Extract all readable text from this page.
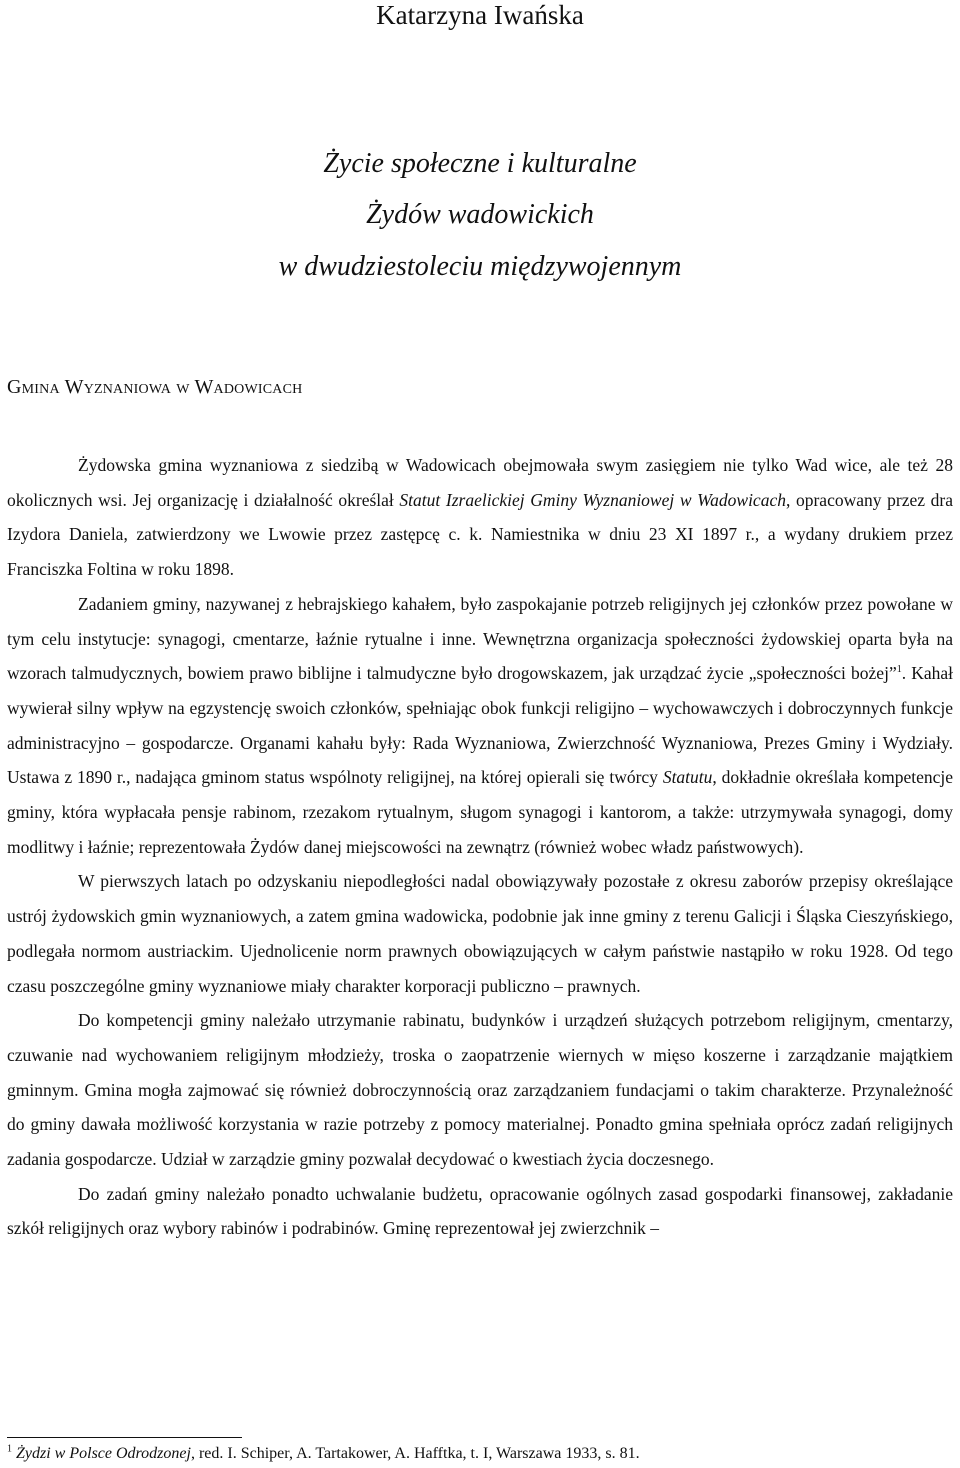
Katarzyna Iwańska
Życie społeczne i kulturalne
Żydów wadowickich
w dwudziestoleciu międzywojennym
Gmina Wyznaniowa w Wadowicach

Żydowska gmina wyznaniowa z siedzibą w Wadowicach obejmowała swym zasięgiem nie tylko Wad wice, ale też 28 okolicznych wsi. Jej organizację i działalność określał Statut Izraelickiej Gminy Wyznaniowej w Wadowicach, opracowany przez dra Izydora Daniela, zatwierdzony we Lwowie przez zastępcę c. k. Namiestnika w dniu 23 XI 1897 r., a wydany drukiem przez Franciszka Foltina w roku 1898.

Zadaniem gminy, nazywanej z hebrajskiego kahałem, było zaspokajanie potrzeb religijnych jej członków przez powołane w tym celu instytucje: synagogi, cmentarze, łaźnie rytualne i inne. Wewnętrzna organizacja społeczności żydowskiej oparta była na wzorach talmudycznych, bowiem prawo biblijne i talmudyczne było drogowskazem, jak urządzać życie „społeczności bożej”$^1$. Kahał wywierał silny wpływ na egzystencję swoich członków, spełniając obok funkcji religijno – wychowawczych i dobroczynnych funkcje administracyjno – gospodarcze. Organami kahału były: Rada Wyznaniowa, Zwierzchność Wyznaniowa, Prezes Gminy i Wydziały. Ustawa z 1890 r., nadająca gminom status wspólnoty religijnej, na której opierali się twórcy Statutu, dokładnie określała kompetencje gminy, która wypłacała pensje rabinom, rzezakom rytualnym, sługom synagogi i kantorom, a także: utrzymywała synagogi, domy modlitwy i łaźnie; reprezentowała Żydów danej miejscowości na zewnątrz (również wobec władz państwowych).

W pierwszych latach po odzyskaniu niepodległości nadal obowiązywały pozostałe z okresu zaborów przepisy określające ustrój żydowskich gmin wyznaniowych, a zatem gmina wadowicka, podobnie jak inne gminy z terenu Galicji i Śląska Cieszyńskiego, podlegała normom austriackim. Ujednolicenie norm prawnych obowiązujących w całym państwie nastąpiło w roku 1928. Od tego czasu poszczególne gminy wyznaniowe miały charakter korporacji publiczno – prawnych.

Do kompetencji gminy należało utrzymanie rabinatu, budynków i urządzeń służących potrzebom religijnym, cmentarzy, czuwanie nad wychowaniem religijnym młodzieży, troska o zaopatrzenie wiernych w mięso koszerne i zarządzanie majątkiem gminnym. Gmina mogła zajmować się również dobroczynnością oraz zarządzaniem fundacjami o takim charakterze. Przynależność do gminy dawała możliwość korzystania w razie potrzeby z pomocy materialnej. Ponadto gmina spełniała oprócz zadań religijnych zadania gospodarcze. Udział w zarządzie gminy pozwalał decydować o kwestiach życia doczesnego.

Do zadań gminy należało ponadto uchwalanie budżetu, opracowanie ogólnych zasad gospodarki finansowej, zakładanie szkół religijnych oraz wybory rabinów i podrabinów. Gminę reprezentował jej zwierzchnik –

$^1$ Żydzi w Polsce Odrodzonej, red. I. Schiper, A. Tartakower, A. Hafftka, t. I, Warszawa 1933, s. 81.
